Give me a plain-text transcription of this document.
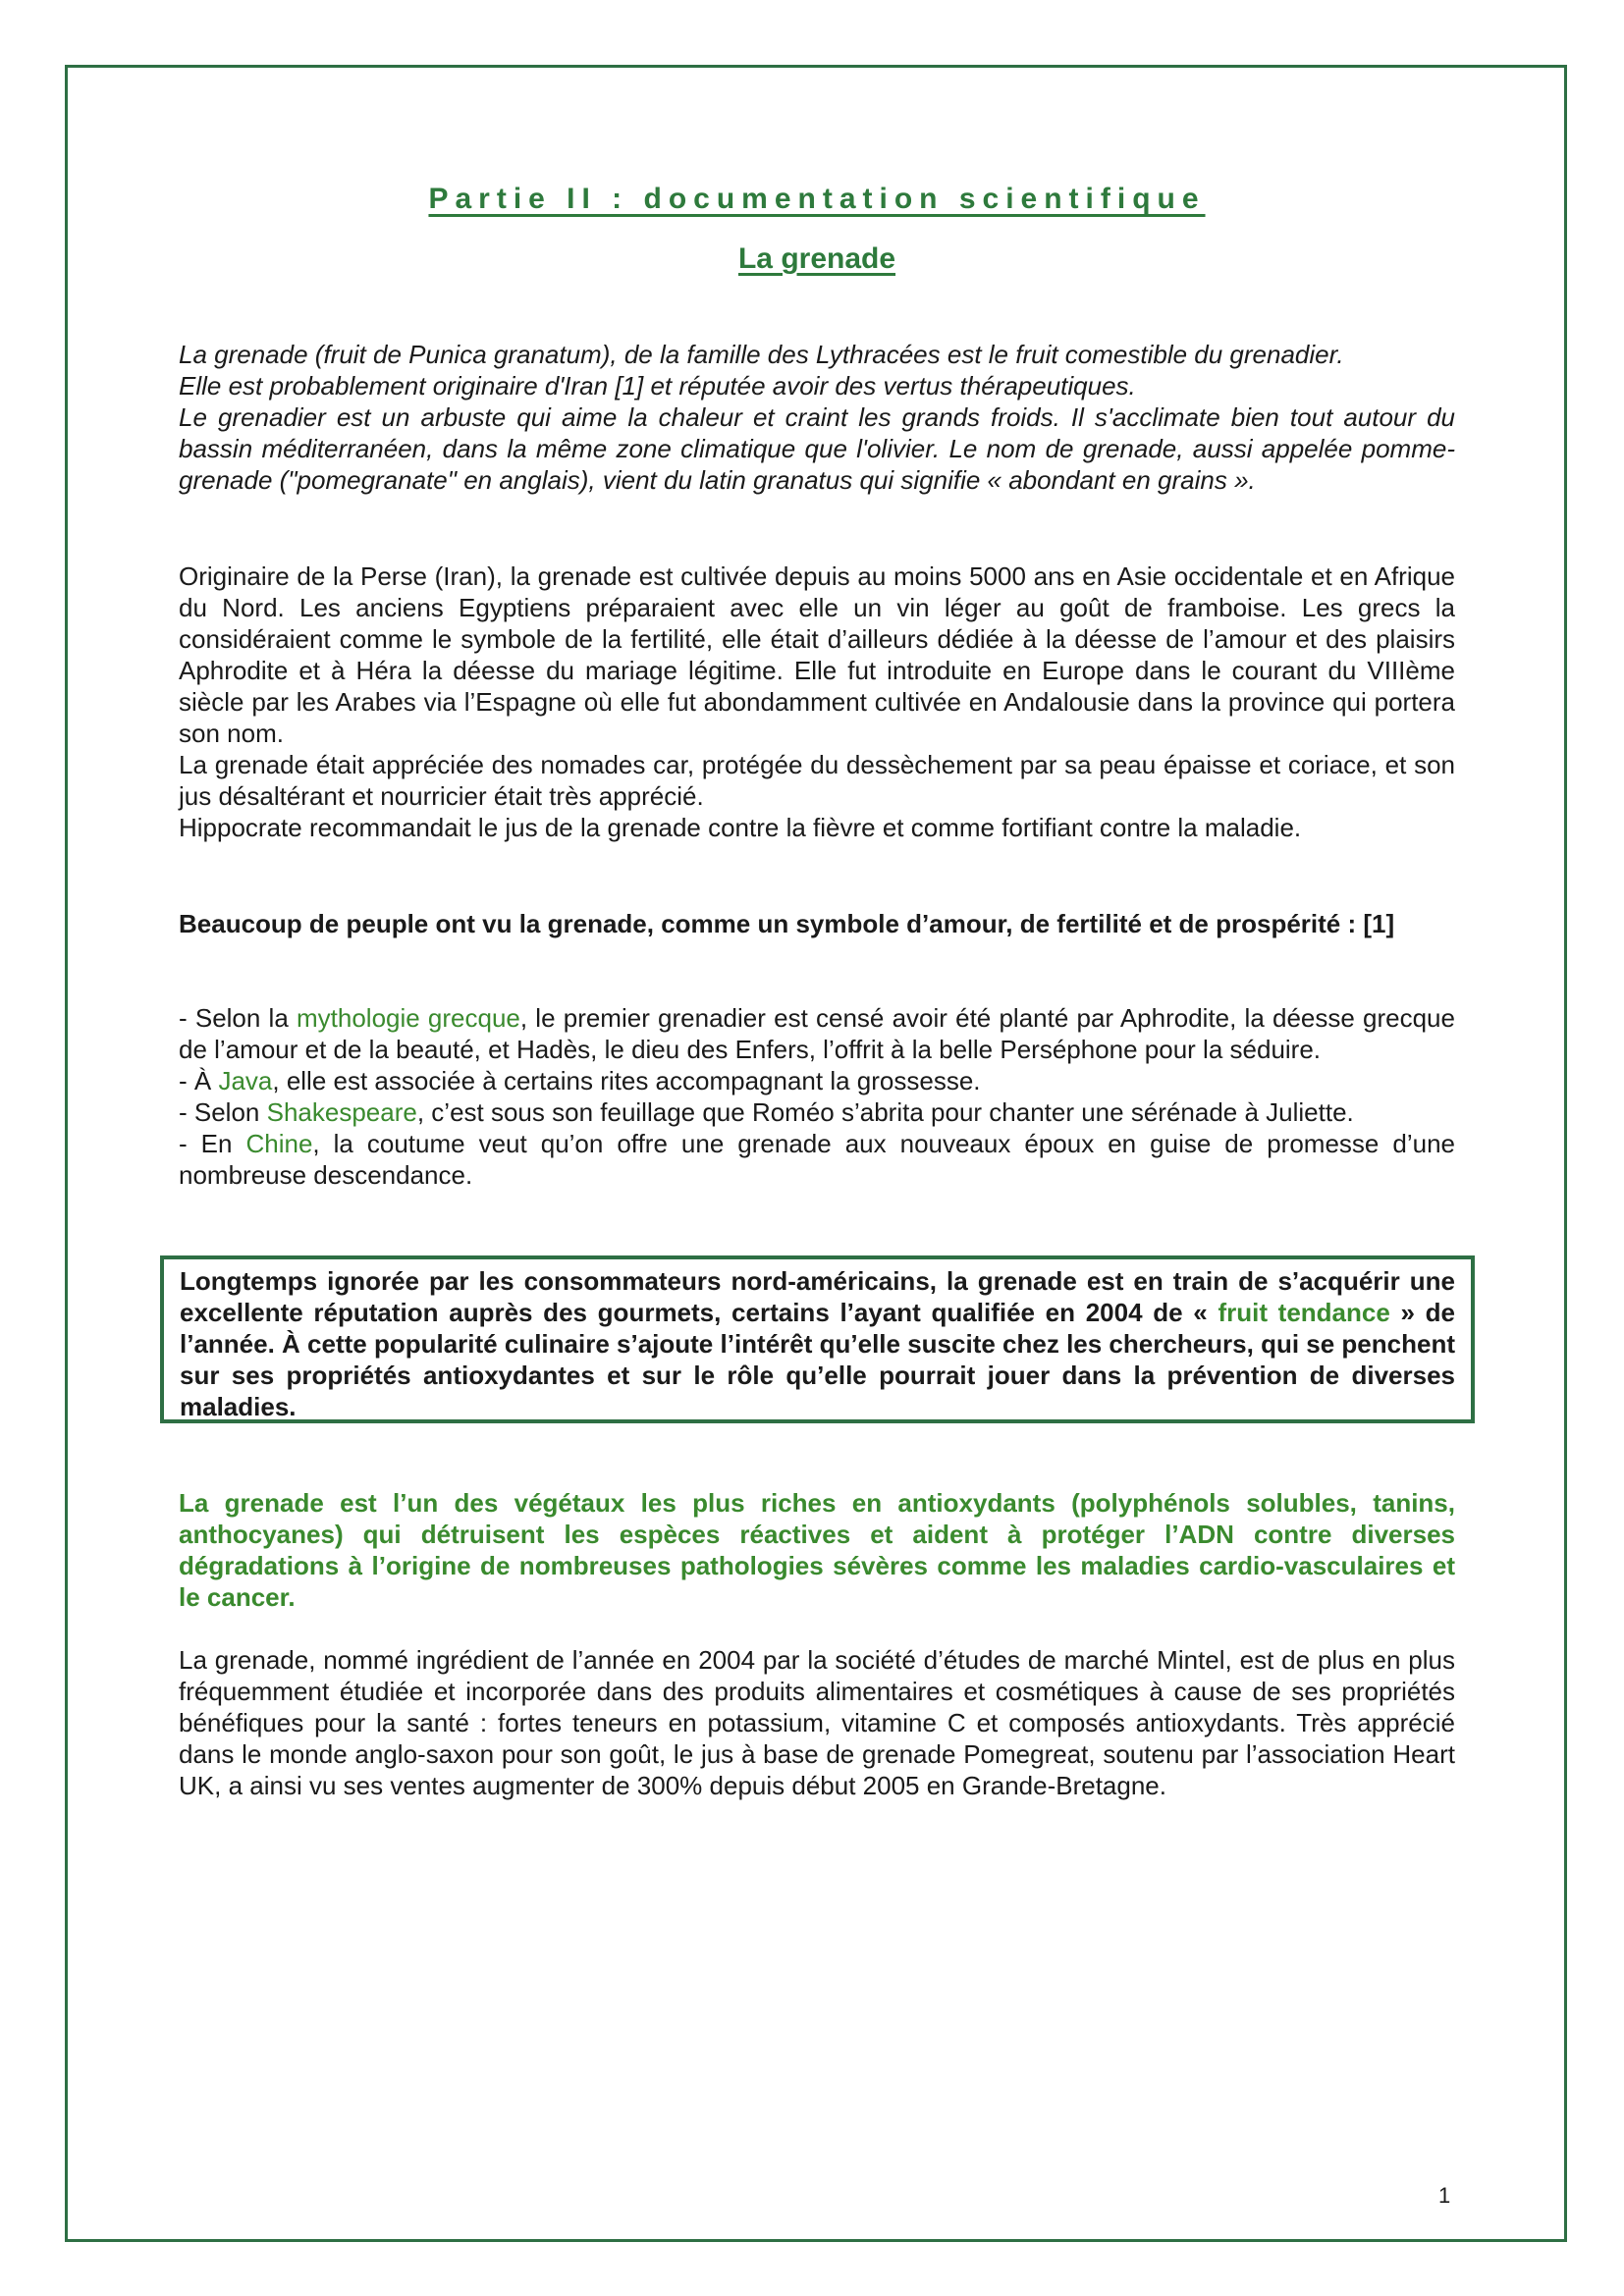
Partie II : documentation scientifique
La grenade

La grenade (fruit de Punica granatum), de la famille des Lythracées est le fruit comestible du grenadier.

Elle est probablement originaire d'Iran [1] et réputée avoir des vertus thérapeutiques.

Le grenadier est un arbuste qui aime la chaleur et craint les grands froids. Il s'acclimate bien tout autour du bassin méditerranéen, dans la même zone climatique que l'olivier. Le nom de grenade, aussi appelée pomme-grenade ("pomegranate" en anglais), vient du latin granatus qui signifie « abondant en grains ».

Originaire de la Perse (Iran), la grenade est cultivée depuis au moins 5000 ans en Asie occidentale et en Afrique du Nord. Les anciens Egyptiens préparaient avec elle un vin léger au goût de framboise. Les grecs la considéraient comme le symbole de la fertilité, elle était d’ailleurs dédiée à la déesse de l’amour et des plaisirs Aphrodite et à Héra la déesse du mariage légitime. Elle fut introduite en Europe dans le courant du VIIIème siècle par les Arabes via l’Espagne où elle fut abondamment cultivée en Andalousie dans la province qui portera son nom.

La grenade était appréciée des nomades car, protégée du dessèchement par sa peau épaisse et coriace, et son jus désaltérant et nourricier était très apprécié.

Hippocrate recommandait le jus de la grenade contre la fièvre et comme fortifiant contre la maladie.

Beaucoup de peuple ont vu la grenade, comme un symbole d’amour, de fertilité et de prospérité : [1]

- Selon la mythologie grecque, le premier grenadier est censé avoir été planté par Aphrodite, la déesse grecque de l’amour et de la beauté, et Hadès, le dieu des Enfers, l’offrit à la belle Perséphone pour la séduire.

- À Java, elle est associée à certains rites accompagnant la grossesse.

- Selon Shakespeare, c’est sous son feuillage que Roméo s’abrita pour chanter une sérénade à Juliette.

- En Chine, la coutume veut qu’on offre une grenade aux nouveaux époux en guise de promesse d’une nombreuse descendance.

Longtemps ignorée par les consommateurs nord-américains, la grenade est en train de s’acquérir une excellente réputation auprès des gourmets, certains l’ayant qualifiée en 2004 de « fruit tendance » de l’année. À cette popularité culinaire s’ajoute l’intérêt qu’elle suscite chez les chercheurs, qui se penchent sur ses propriétés antioxydantes et sur le rôle qu’elle pourrait jouer dans la prévention de diverses maladies.

La grenade est l’un des végétaux les plus riches en antioxydants (polyphénols solubles, tanins, anthocyanes) qui détruisent les espèces réactives et aident à protéger l’ADN contre diverses dégradations à l’origine de nombreuses pathologies sévères comme les maladies cardio-vasculaires et le cancer.

La grenade, nommé ingrédient de l’année en 2004 par la société d’études de marché Mintel, est de plus en plus fréquemment étudiée et incorporée dans des produits alimentaires et cosmétiques à cause de ses propriétés bénéfiques pour la santé : fortes teneurs en potassium, vitamine C et composés antioxydants. Très apprécié dans le monde anglo-saxon pour son goût, le jus à base de grenade Pomegreat, soutenu par l’association Heart UK, a ainsi vu ses ventes augmenter de 300% depuis début 2005 en Grande-Bretagne.

1
